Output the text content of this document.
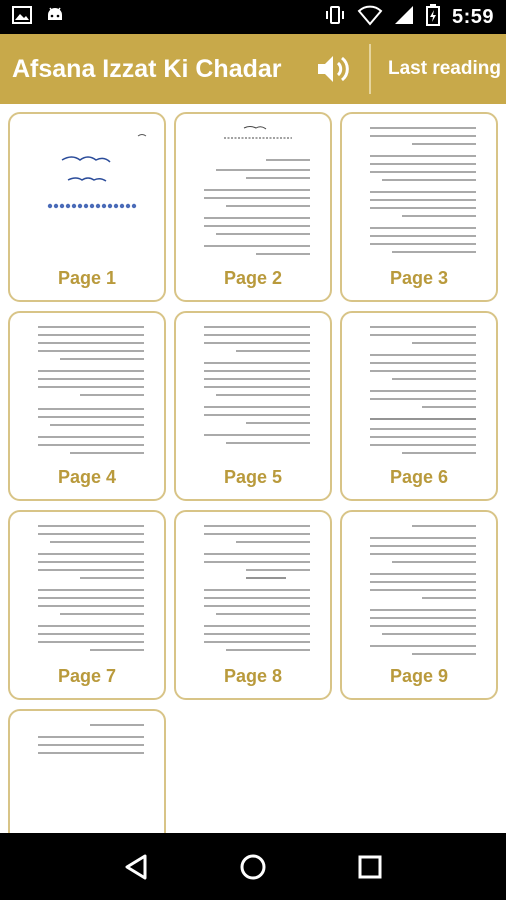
5:59
Afsana Izzat Ki Chadar	Last reading
Page 1	Page 2	Page 3
Page 4	Page 5	Page 6
Page 7	Page 8	Page 9
